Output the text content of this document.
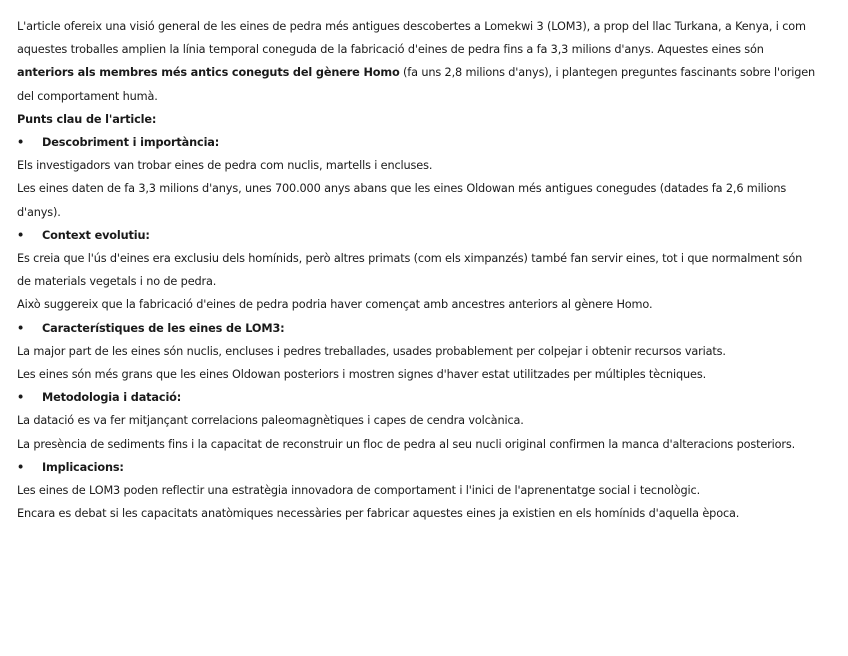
L'article ofereix una visió general de les eines de pedra més antigues descobertes a Lomekwi 3 (LOM3), a prop del llac Turkana, a Kenya, i com aquestes troballes amplien la línia temporal coneguda de la fabricació d'eines de pedra fins a fa 3,3 milions d'anys. Aquestes eines són anteriors als membres més antics coneguts del gènere Homo (fa uns 2,8 milions d'anys), i plantegen preguntes fascinants sobre l'origen del comportament humà.

Punts clau de l'article:

•	Descobriment i importància:

Els investigadors van trobar eines de pedra com nuclis, martells i encluses.

Les eines daten de fa 3,3 milions d'anys, unes 700.000 anys abans que les eines Oldowan més antigues conegudes (datades fa 2,6 milions d'anys).

•	Context evolutiu:

Es creia que l'ús d'eines era exclusiu dels homínids, però altres primats (com els ximpanzés) també fan servir eines, tot i que normalment són de materials vegetals i no de pedra.

Això suggereix que la fabricació d'eines de pedra podria haver començat amb ancestres anteriors al gènere Homo.

•	Característiques de les eines de LOM3:

La major part de les eines són nuclis, encluses i pedres treballades, usades probablement per colpejar i obtenir recursos variats.

Les eines són més grans que les eines Oldowan posteriors i mostren signes d'haver estat utilitzades per múltiples tècniques.

•	Metodologia i datació:

La datació es va fer mitjançant correlacions paleomagnètiques i capes de cendra volcànica.

La presència de sediments fins i la capacitat de reconstruir un floc de pedra al seu nucli original confirmen la manca d'alteracions posteriors.

•	Implicacions:

Les eines de LOM3 poden reflectir una estratègia innovadora de comportament i l'inici de l'aprenentatge social i tecnològic.

Encara es debat si les capacitats anatòmiques necessàries per fabricar aquestes eines ja existien en els homínids d'aquella època.
